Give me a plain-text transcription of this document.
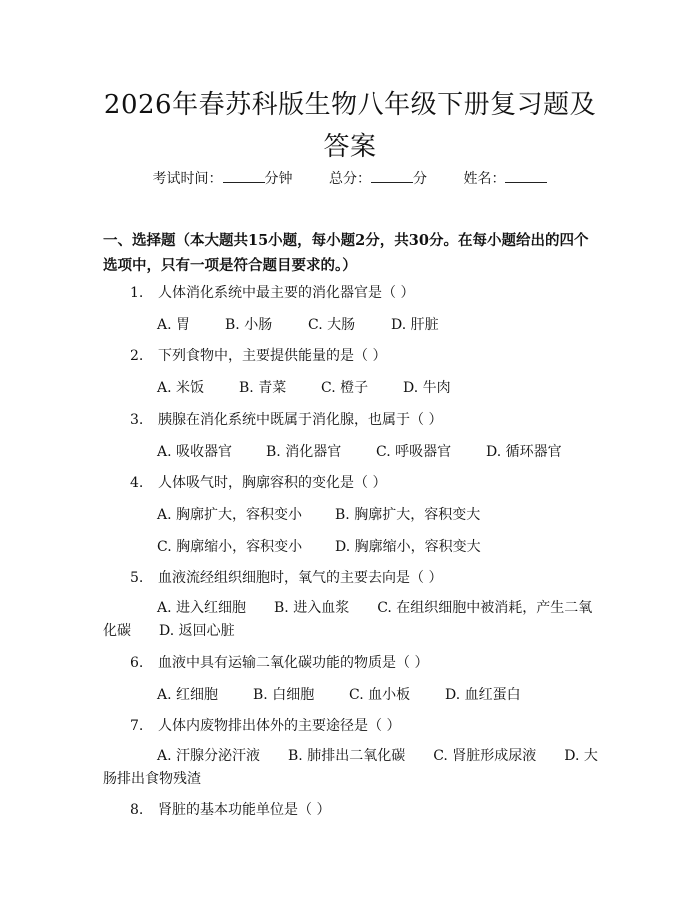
2026年春苏科版生物八年级下册复习题及答案
考试时间：	分钟	总分：	分	姓名：
一、选择题（本大题共15小题，每小题2分，共30分。在每小题给出的四个选项中，只有一项是符合题目要求的。）
1. 人体消化系统中最主要的消化器官是（ ）
A. 胃 B. 小肠	C. 大肠	D. 肝脏
2. 下列食物中，主要提供能量的是（ ）
A. 米饭 B. 青菜 C. 橙子 D. 牛肉
3. 胰腺在消化系统中既属于消化腺，也属于（ ）
A. 吸收器官 B. 消化器官 C. 呼吸器官 D. 循环器官
4. 人体吸气时，胸廓容积的变化是（ ）
A. 胸廓扩大，容积变小 B. 胸廓扩大，容积变大
C. 胸廓缩小，容积变小 D. 胸廓缩小，容积变大
5. 血液流经组织细胞时，氧气的主要去向是（ ）
A. 进入红细胞　　B. 进入血浆　　C. 在组织细胞中被消耗，产生二氧化碳　　D. 返回心脏
6. 血液中具有运输二氧化碳功能的物质是（ ）
A. 红细胞 B. 白细胞 C. 血小板 D. 血红蛋白
7. 人体内废物排出体外的主要途径是（ ）
A. 汗腺分泌汗液　　B. 肺排出二氧化碳　　C. 肾脏形成尿液　　D. 大肠排出食物残渣
8. 肾脏的基本功能单位是（ ）
